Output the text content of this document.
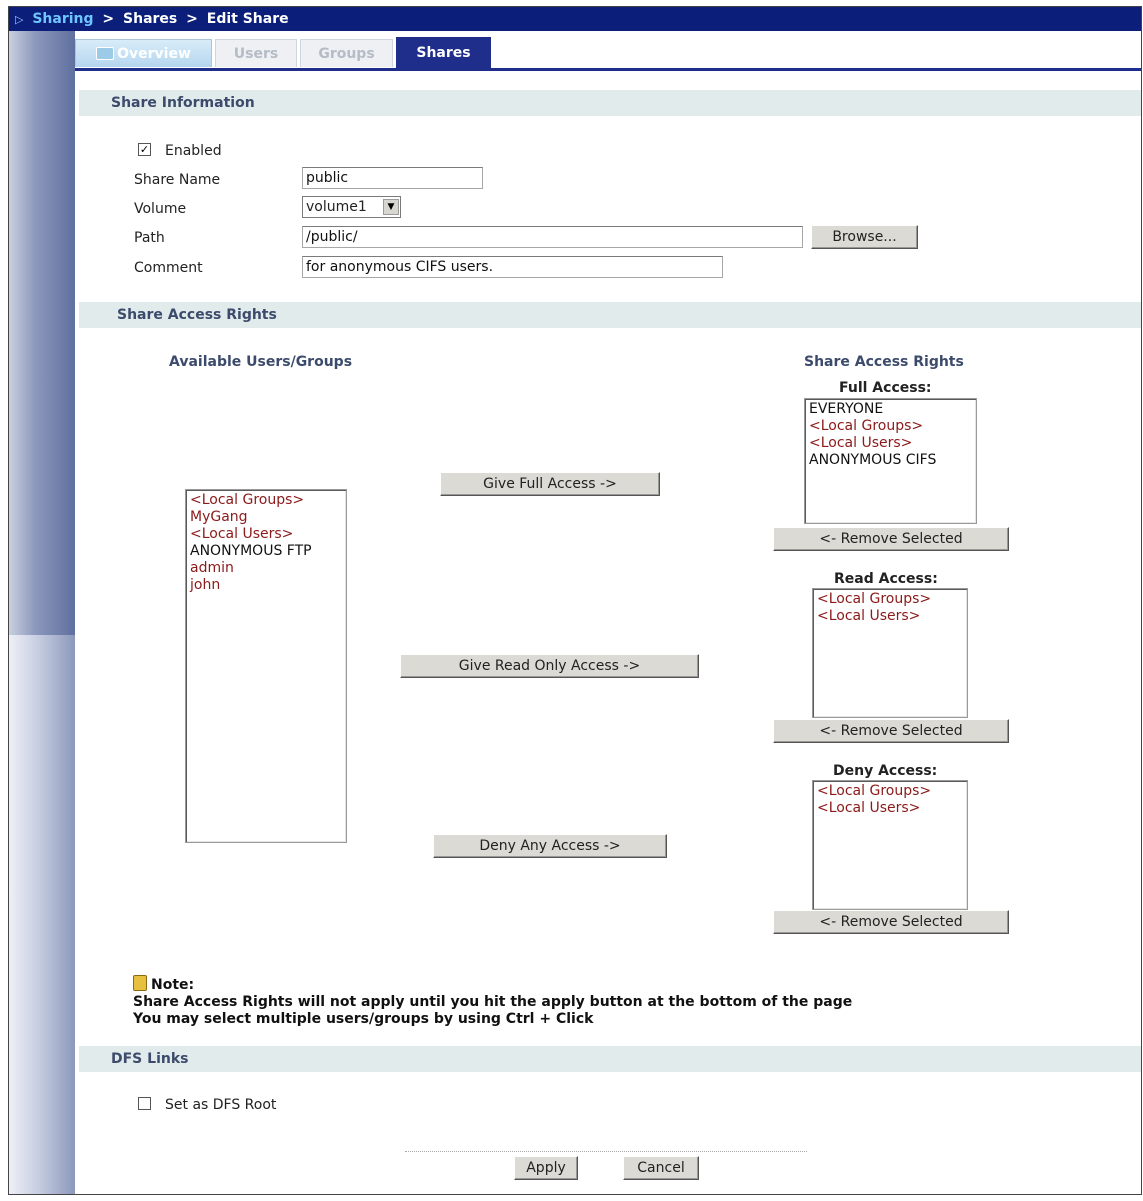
▷ Sharing > Shares > Edit Share
Overview	Users	Groups	Shares
Share Information
✓ Enabled
Share Name	public
Volume	volume1	▼
Path	/public/	Browse...
Comment	for anonymous CIFS users.
Share Access Rights
Available Users/Groups	Share Access Rights
<Local Groups>
MyGang
<Local Users>
ANONYMOUS FTP
admin
john
Give Full Access ->
Give Read Only Access ->
Deny Any Access ->
Full Access:
EVERYONE
<Local Groups>
<Local Users>
ANONYMOUS CIFS
<- Remove Selected
Read Access:
<Local Groups>
<Local Users>
<- Remove Selected
Deny Access:
<Local Groups>
<Local Users>
<- Remove Selected
Note:
Share Access Rights will not apply until you hit the apply button at the bottom of the page
You may select multiple users/groups by using Ctrl + Click
DFS Links
Set as DFS Root
Apply	Cancel
